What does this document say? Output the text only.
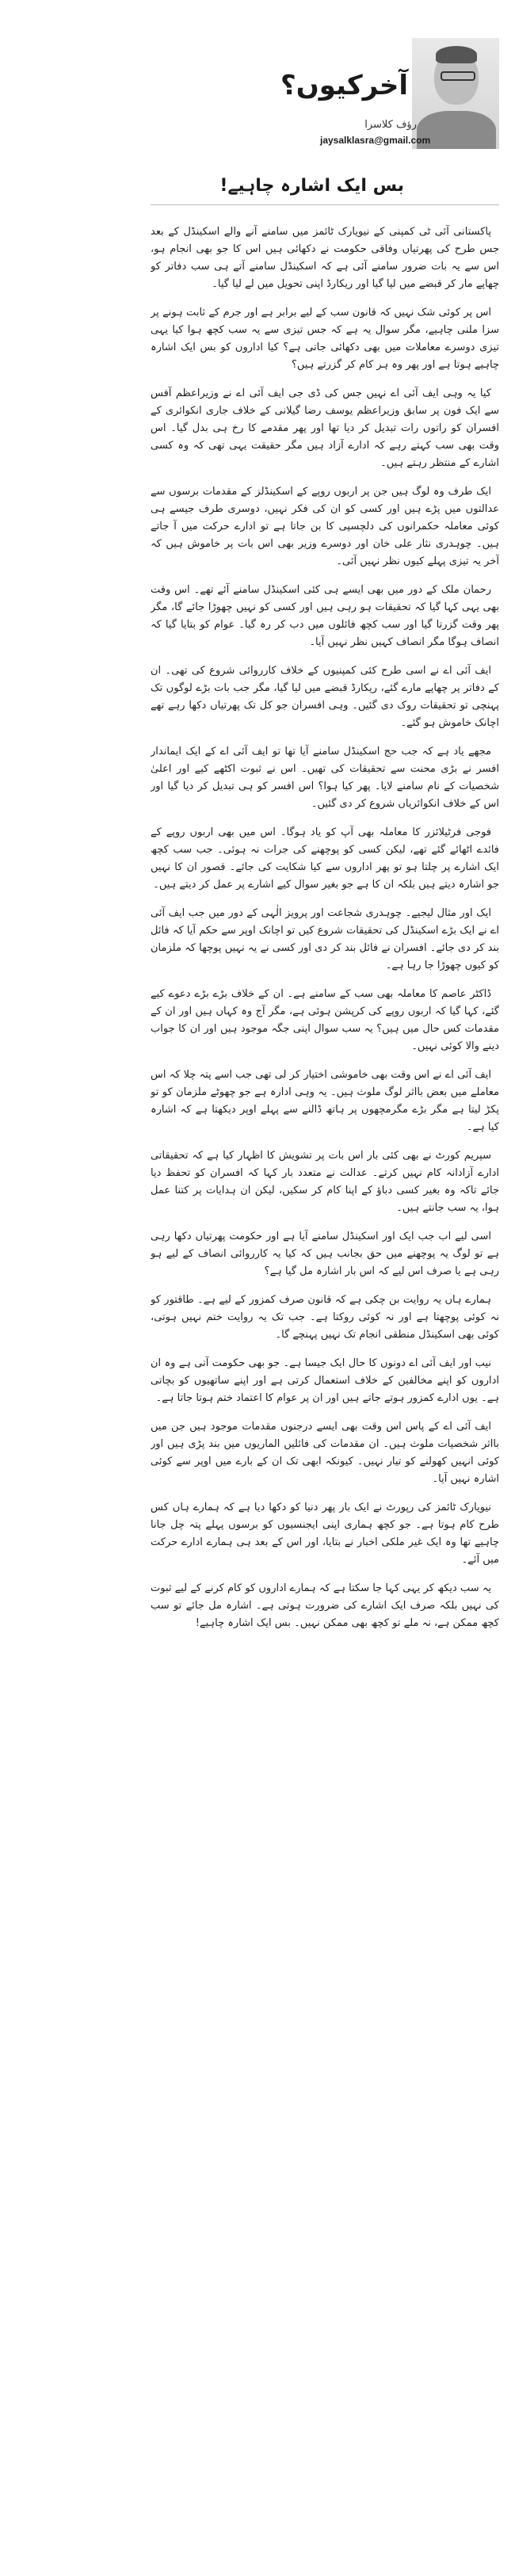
آخرکیوں؟
رؤف کلاسرا
jaysalklasra@gmail.com
بس ایک اشارہ چاہیے!

پاکستانی آئی ٹی کمپنی کے نیویارک ٹائمز میں سامنے آنے والے اسکینڈل کے بعد جس طرح کی پھرتیاں وفاقی حکومت نے دکھائی ہیں اس کا جو بھی انجام ہو، اس سے یہ بات ضرور سامنے آئی ہے کہ اسکینڈل سامنے آتے ہی سب دفاتر کو چھاپے مار کر قبضے میں لیا گیا اور ریکارڈ اپنی تحویل میں لے لیا گیا۔

اس پر کوئی شک نہیں کہ قانون سب کے لیے برابر ہے اور جرم کے ثابت ہونے پر سزا ملنی چاہیے، مگر سوال یہ ہے کہ جس تیزی سے یہ سب کچھ ہوا کیا یہی تیزی دوسرے معاملات میں بھی دکھائی جاتی ہے؟ کیا اداروں کو بس ایک اشارہ چاہیے ہوتا ہے اور پھر وہ ہر کام کر گزرتے ہیں؟

کیا یہ وہی ایف آئی اے نہیں جس کی ڈی جی ایف آئی اے نے وزیراعظم آفس سے ایک فون پر سابق وزیراعظم یوسف رضا گیلانی کے خلاف جاری انکوائری کے افسران کو راتوں رات تبدیل کر دیا تھا اور پھر مقدمے کا رخ ہی بدل گیا۔ اس وقت بھی سب کہتے رہے کہ ادارے آزاد ہیں مگر حقیقت یہی تھی کہ وہ کسی اشارے کے منتظر رہتے ہیں۔

ایک طرف وہ لوگ ہیں جن پر اربوں روپے کے اسکینڈلز کے مقدمات برسوں سے عدالتوں میں پڑے ہیں اور کسی کو ان کی فکر نہیں، دوسری طرف جیسے ہی کوئی معاملہ حکمرانوں کی دلچسپی کا بن جاتا ہے تو ادارے حرکت میں آ جاتے ہیں۔ چوہدری نثار علی خان اور دوسرے وزیر بھی اس بات پر خاموش ہیں کہ آخر یہ تیزی پہلے کیوں نظر نہیں آئی۔

رحمان ملک کے دور میں بھی ایسے ہی کئی اسکینڈل سامنے آئے تھے۔ اس وقت بھی یہی کہا گیا کہ تحقیقات ہو رہی ہیں اور کسی کو نہیں چھوڑا جائے گا، مگر پھر وقت گزرتا گیا اور سب کچھ فائلوں میں دب کر رہ گیا۔ عوام کو بتایا گیا کہ انصاف ہوگا مگر انصاف کہیں نظر نہیں آیا۔

ایف آئی اے نے اسی طرح کئی کمپنیوں کے خلاف کارروائی شروع کی تھی۔ ان کے دفاتر پر چھاپے مارے گئے، ریکارڈ قبضے میں لیا گیا، مگر جب بات بڑے لوگوں تک پہنچی تو تحقیقات روک دی گئیں۔ وہی افسران جو کل تک پھرتیاں دکھا رہے تھے اچانک خاموش ہو گئے۔

مجھے یاد ہے کہ جب حج اسکینڈل سامنے آیا تھا تو ایف آئی اے کے ایک ایماندار افسر نے بڑی محنت سے تحقیقات کی تھیں۔ اس نے ثبوت اکٹھے کیے اور اعلیٰ شخصیات کے نام سامنے لایا۔ پھر کیا ہوا؟ اس افسر کو ہی تبدیل کر دیا گیا اور اس کے خلاف انکوائریاں شروع کر دی گئیں۔

فوجی فرٹیلائزر کا معاملہ بھی آپ کو یاد ہوگا۔ اس میں بھی اربوں روپے کے فائدے اٹھائے گئے تھے، لیکن کسی کو پوچھنے کی جرات نہ ہوئی۔ جب سب کچھ ایک اشارے پر چلتا ہو تو پھر اداروں سے کیا شکایت کی جائے۔ قصور ان کا نہیں جو اشارہ دیتے ہیں بلکہ ان کا ہے جو بغیر سوال کیے اشارے پر عمل کر دیتے ہیں۔

ایک اور مثال لیجیے۔ چوہدری شجاعت اور پرویز الٰہی کے دور میں جب ایف آئی اے نے ایک بڑے اسکینڈل کی تحقیقات شروع کیں تو اچانک اوپر سے حکم آیا کہ فائل بند کر دی جائے۔ افسران نے فائل بند کر دی اور کسی نے یہ نہیں پوچھا کہ ملزمان کو کیوں چھوڑا جا رہا ہے۔

ڈاکٹر عاصم کا معاملہ بھی سب کے سامنے ہے۔ ان کے خلاف بڑے بڑے دعوے کیے گئے، کہا گیا کہ اربوں روپے کی کرپشن ہوئی ہے، مگر آج وہ کہاں ہیں اور ان کے مقدمات کس حال میں ہیں؟ یہ سب سوال اپنی جگہ موجود ہیں اور ان کا جواب دینے والا کوئی نہیں۔

ایف آئی اے نے اس وقت بھی خاموشی اختیار کر لی تھی جب اسے پتہ چلا کہ اس معاملے میں بعض بااثر لوگ ملوث ہیں۔ یہ وہی ادارہ ہے جو چھوٹے ملزمان کو تو پکڑ لیتا ہے مگر بڑے مگرمچھوں پر ہاتھ ڈالنے سے پہلے اوپر دیکھتا ہے کہ اشارہ کیا ہے۔

سپریم کورٹ نے بھی کئی بار اس بات پر تشویش کا اظہار کیا ہے کہ تحقیقاتی ادارے آزادانہ کام نہیں کرتے۔ عدالت نے متعدد بار کہا کہ افسران کو تحفظ دیا جائے تاکہ وہ بغیر کسی دباؤ کے اپنا کام کر سکیں، لیکن ان ہدایات پر کتنا عمل ہوا، یہ سب جانتے ہیں۔

اسی لیے اب جب ایک اور اسکینڈل سامنے آیا ہے اور حکومت پھرتیاں دکھا رہی ہے تو لوگ یہ پوچھنے میں حق بجانب ہیں کہ کیا یہ کارروائی انصاف کے لیے ہو رہی ہے یا صرف اس لیے کہ اس بار اشارہ مل گیا ہے؟

ہمارے ہاں یہ روایت بن چکی ہے کہ قانون صرف کمزور کے لیے ہے۔ طاقتور کو نہ کوئی پوچھتا ہے اور نہ کوئی روکتا ہے۔ جب تک یہ روایت ختم نہیں ہوتی، کوئی بھی اسکینڈل منطقی انجام تک نہیں پہنچے گا۔

نیب اور ایف آئی اے دونوں کا حال ایک جیسا ہے۔ جو بھی حکومت آتی ہے وہ ان اداروں کو اپنے مخالفین کے خلاف استعمال کرتی ہے اور اپنے ساتھیوں کو بچاتی ہے۔ یوں ادارے کمزور ہوتے جاتے ہیں اور ان پر عوام کا اعتماد ختم ہوتا جاتا ہے۔

ایف آئی اے کے پاس اس وقت بھی ایسے درجنوں مقدمات موجود ہیں جن میں بااثر شخصیات ملوث ہیں۔ ان مقدمات کی فائلیں الماریوں میں بند پڑی ہیں اور کوئی انہیں کھولنے کو تیار نہیں۔ کیونکہ ابھی تک ان کے بارے میں اوپر سے کوئی اشارہ نہیں آیا۔

نیویارک ٹائمز کی رپورٹ نے ایک بار پھر دنیا کو دکھا دیا ہے کہ ہمارے ہاں کس طرح کام ہوتا ہے۔ جو کچھ ہماری اپنی ایجنسیوں کو برسوں پہلے پتہ چل جانا چاہیے تھا وہ ایک غیر ملکی اخبار نے بتایا، اور اس کے بعد ہی ہمارے ادارے حرکت میں آئے۔

یہ سب دیکھ کر یہی کہا جا سکتا ہے کہ ہمارے اداروں کو کام کرنے کے لیے ثبوت کی نہیں بلکہ صرف ایک اشارے کی ضرورت ہوتی ہے۔ اشارہ مل جائے تو سب کچھ ممکن ہے، نہ ملے تو کچھ بھی ممکن نہیں۔ بس ایک اشارہ چاہیے!
